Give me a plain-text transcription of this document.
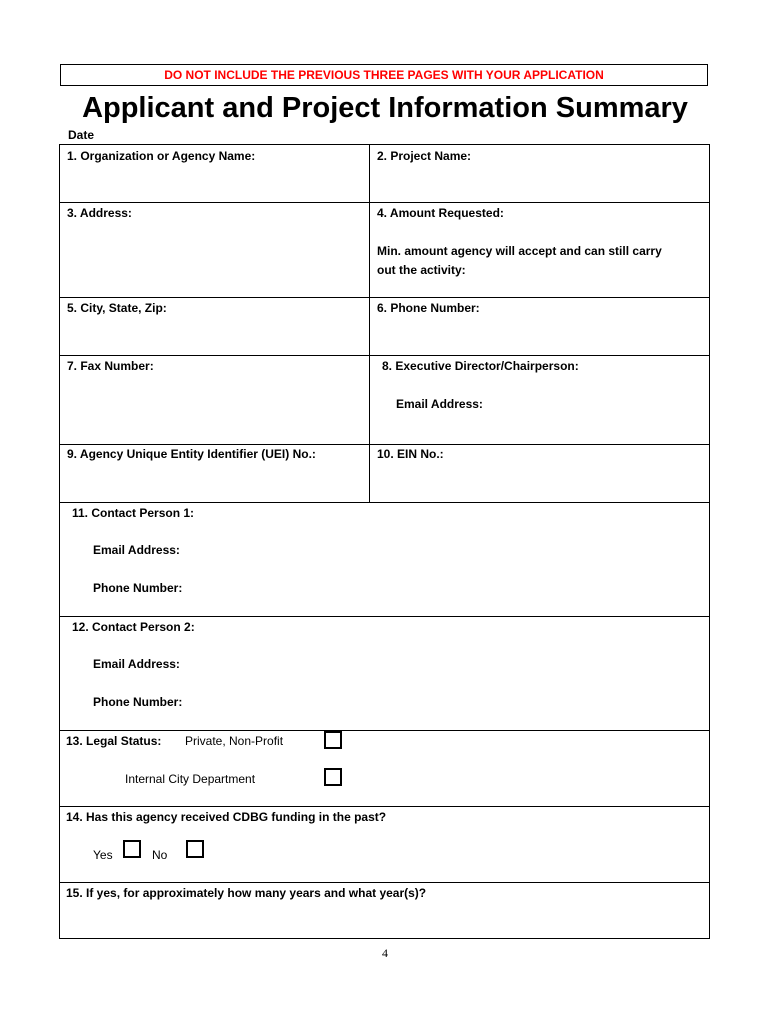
DO NOT INCLUDE THE PREVIOUS THREE PAGES WITH YOUR APPLICATION
Applicant and Project Information Summary
Date
1. Organization or Agency Name:	2. Project Name:
3. Address:	4. Amount Requested:
Min. amount agency will accept and can still carry
out the activity:
5. City, State, Zip:	6. Phone Number:
7. Fax Number:	8. Executive Director/Chairperson:
Email Address:
9. Agency Unique Entity Identifier (UEI) No.:	10. EIN No.:
11. Contact Person 1:
Email Address:
Phone Number:
12. Contact Person 2:
Email Address:
Phone Number:
13. Legal Status: Private, Non-Profit
Internal City Department
14. Has this agency received CDBG funding in the past?
Yes	No
15. If yes, for approximately how many years and what year(s)?
4
